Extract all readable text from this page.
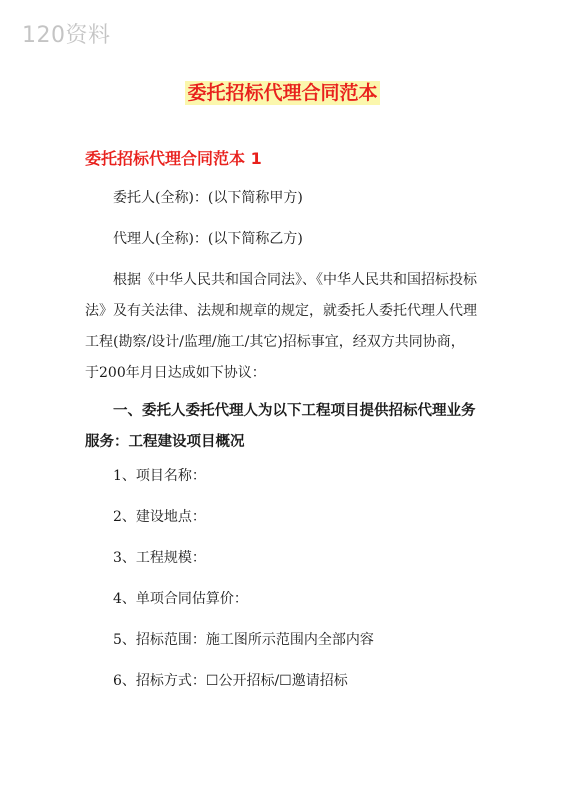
120资料
委托招标代理合同范本
委托招标代理合同范本 1

委托人(全称)：(以下简称甲方)

代理人(全称)：(以下简称乙方)

根据《中华人民共和国合同法》、《中华人民共和国招标投标法》及有关法律、法规和规章的规定，就委托人委托代理人代理工程(勘察/设计/监理/施工/其它)招标事宜，经双方共同协商，于200年月日达成如下协议：

一、委托人委托代理人为以下工程项目提供招标代理业务服务：工程建设项目概况

1、项目名称：
2、建设地点：
3、工程规模：
4、单项合同估算价：
5、招标范围：施工图所示范围内全部内容
6、招标方式：☐公开招标/☐邀请招标
